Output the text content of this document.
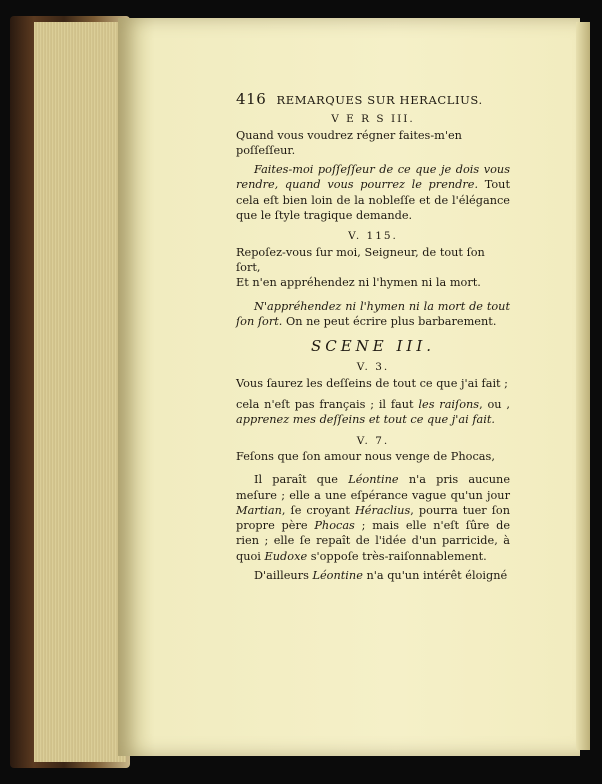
416 REMARQUES SUR HERACLIUS.
V E R S III.

Quand vous voudrez régner faites-m'en poſſeſſeur.

Faites-moi poſſeſſeur de ce que je dois vous rendre, quand vous pourrez le prendre. Tout cela eſt bien loin de la nobleſſe et de l'élégance que le ſtyle tragique demande.

V. 115.

Repoſez-vous ſur moi, Seigneur, de tout ſon ſort,

Et n'en appréhendez ni l'hymen ni la mort.

N'appréhendez ni l'hymen ni la mort de tout ſon ſort. On ne peut écrire plus barbarement.

SCENE III.
V. 3.

Vous ſaurez les deſſeins de tout ce que j'ai fait ;

cela n'eſt pas français ; il faut les raiſons, ou , apprenez mes deſſeins et tout ce que j'ai fait.

V. 7.

Feſons que ſon amour nous venge de Phocas,

Il paraît que Léontine n'a pris aucune meſure ; elle a une eſpérance vague qu'un jour Martian, ſe croyant Héraclius, pourra tuer ſon propre père Phocas ; mais elle n'eſt ſûre de rien ; elle ſe repaît de l'idée d'un parricide, à quoi Eudoxe s'oppoſe très-raiſonnablement.

D'ailleurs Léontine n'a qu'un intérêt éloigné
